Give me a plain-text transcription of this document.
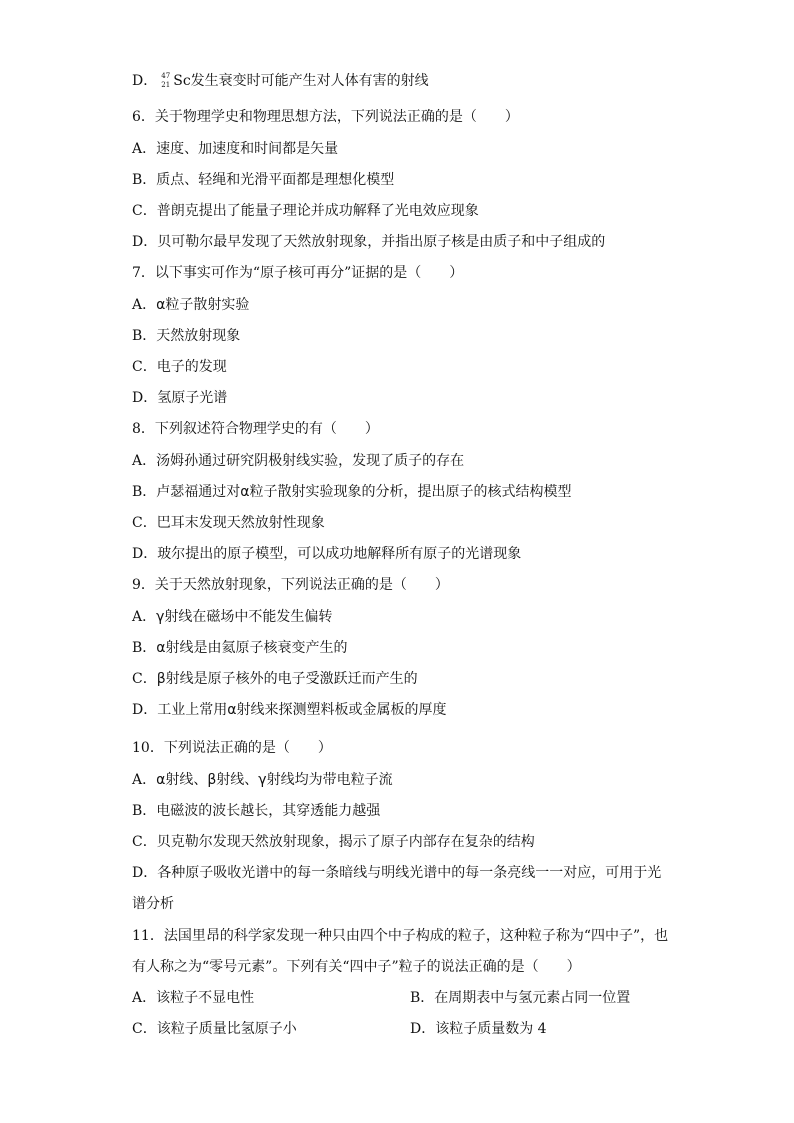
D． 47
21 Sc发生衰变时可能产生对人体有害的射线
6．关于物理学史和物理思想方法，下列说法正确的是（　　）
A．速度、加速度和时间都是矢量
B．质点、轻绳和光滑平面都是理想化模型
C．普朗克提出了能量子理论并成功解释了光电效应现象
D．贝可勒尔最早发现了天然放射现象，并指出原子核是由质子和中子组成的
7．以下事实可作为“原子核可再分”证据的是（　　）
A．α粒子散射实验
B．天然放射现象
C．电子的发现
D．氢原子光谱
8．下列叙述符合物理学史的有（　　）
A．汤姆孙通过研究阴极射线实验，发现了质子的存在
B．卢瑟福通过对α粒子散射实验现象的分析，提出原子的核式结构模型
C．巴耳末发现天然放射性现象
D．玻尔提出的原子模型，可以成功地解释所有原子的光谱现象
9．关于天然放射现象，下列说法正确的是（　　）
A．γ射线在磁场中不能发生偏转
B．α射线是由氦原子核衰变产生的
C．β射线是原子核外的电子受激跃迁而产生的
D．工业上常用α射线来探测塑料板或金属板的厚度
10．下列说法正确的是（　　）
A．α射线、β射线、γ射线均为带电粒子流
B．电磁波的波长越长，其穿透能力越强
C．贝克勒尔发现天然放射现象，揭示了原子内部存在复杂的结构
D．各种原子吸收光谱中的每一条暗线与明线光谱中的每一条亮线一一对应，可用于光
谱分析
11．法国里昂的科学家发现一种只由四个中子构成的粒子，这种粒子称为“四中子”，也
有人称之为“零号元素”。下列有关“四中子”粒子的说法正确的是（　　）
A．该粒子不显电性	B．在周期表中与氢元素占同一位置
C．该粒子质量比氢原子小	D．该粒子质量数为 4
